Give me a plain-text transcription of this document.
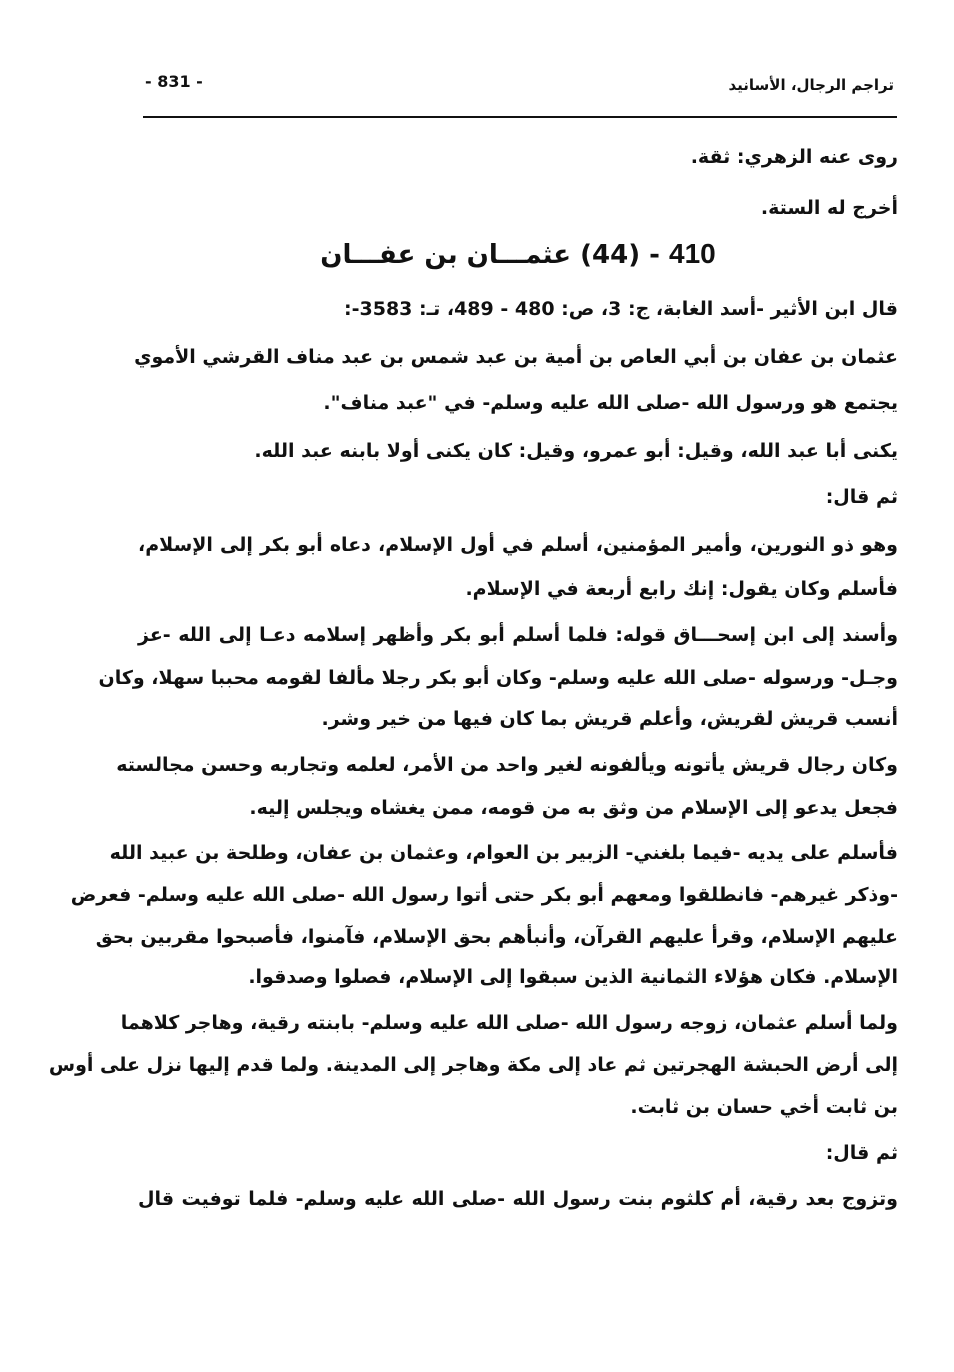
تراجم الرجال، الأسانيد
- 831 -
روى عنه الزهري: ثقة.
أخرج له الستة.
410 - (44) عثمـــان بن عفـــان
قال ابن الأثير -أسد الغابة، ج: 3، ص: 480 - 489، تـ: 3583-:
عثمان بن عفان بن أبي العاص بن أمية بن عبد شمس بن عبد مناف القرشي الأموي
يجتمع هو ورسول الله -صلى الله عليه وسلم- في "عبد مناف".
يكنى أبا عبد الله، وقيل: أبو عمرو، وقيل: كان يكنى أولا بابنه عبد الله.
ثم قال:
وهو ذو النورين، وأمير المؤمنين، أسلم في أول الإسلام، دعاه أبو بكر إلى الإسلام،
فأسلم وكان يقول: إنك رابع أربعة في الإسلام.
وأسند إلى ابن إسحـــاق قوله: فلما أسلم أبو بكر وأظهر إسلامه دعـا إلى الله -عز
وجـل- ورسوله -صلى الله عليه وسلم- وكان أبو بكر رجلا مألفا لقومه محببا سهلا، وكان
أنسب قريش لقريش، وأعلم قريش بما كان فيها من خير وشر.
وكان رجال قريش يأتونه ويألفونه لغير واحد من الأمر، لعلمه وتجاربه وحسن مجالسته
فجعل يدعو إلى الإسلام من وثق به من قومه، ممن يغشاه ويجلس إليه.
فأسلم على يديه -فيما بلغني- الزبير بن العوام، وعثمان بن عفان، وطلحة بن عبيد الله
-وذكر غيرهم- فانطلقوا ومعهم أبو بكر حتى أتوا رسول الله -صلى الله عليه وسلم- فعرض
عليهم الإسلام، وقرأ عليهم القرآن، وأنبأهم بحق الإسلام، فآمنوا، فأصبحوا مقربين بحق
الإسلام. فكان هؤلاء الثمانية الذين سبقوا إلى الإسلام، فصلوا وصدقوا.
ولما أسلم عثمان، زوجه رسول الله -صلى الله عليه وسلم- بابنته رقية، وهاجر كلاهما
إلى أرض الحبشة الهجرتين ثم عاد إلى مكة وهاجر إلى المدينة. ولما قدم إليها نزل على أوس
بن ثابت أخي حسان بن ثابت.
ثم قال:
وتزوج بعد رقية، أم كلثوم بنت رسول الله -صلى الله عليه وسلم- فلما توفيت قال
